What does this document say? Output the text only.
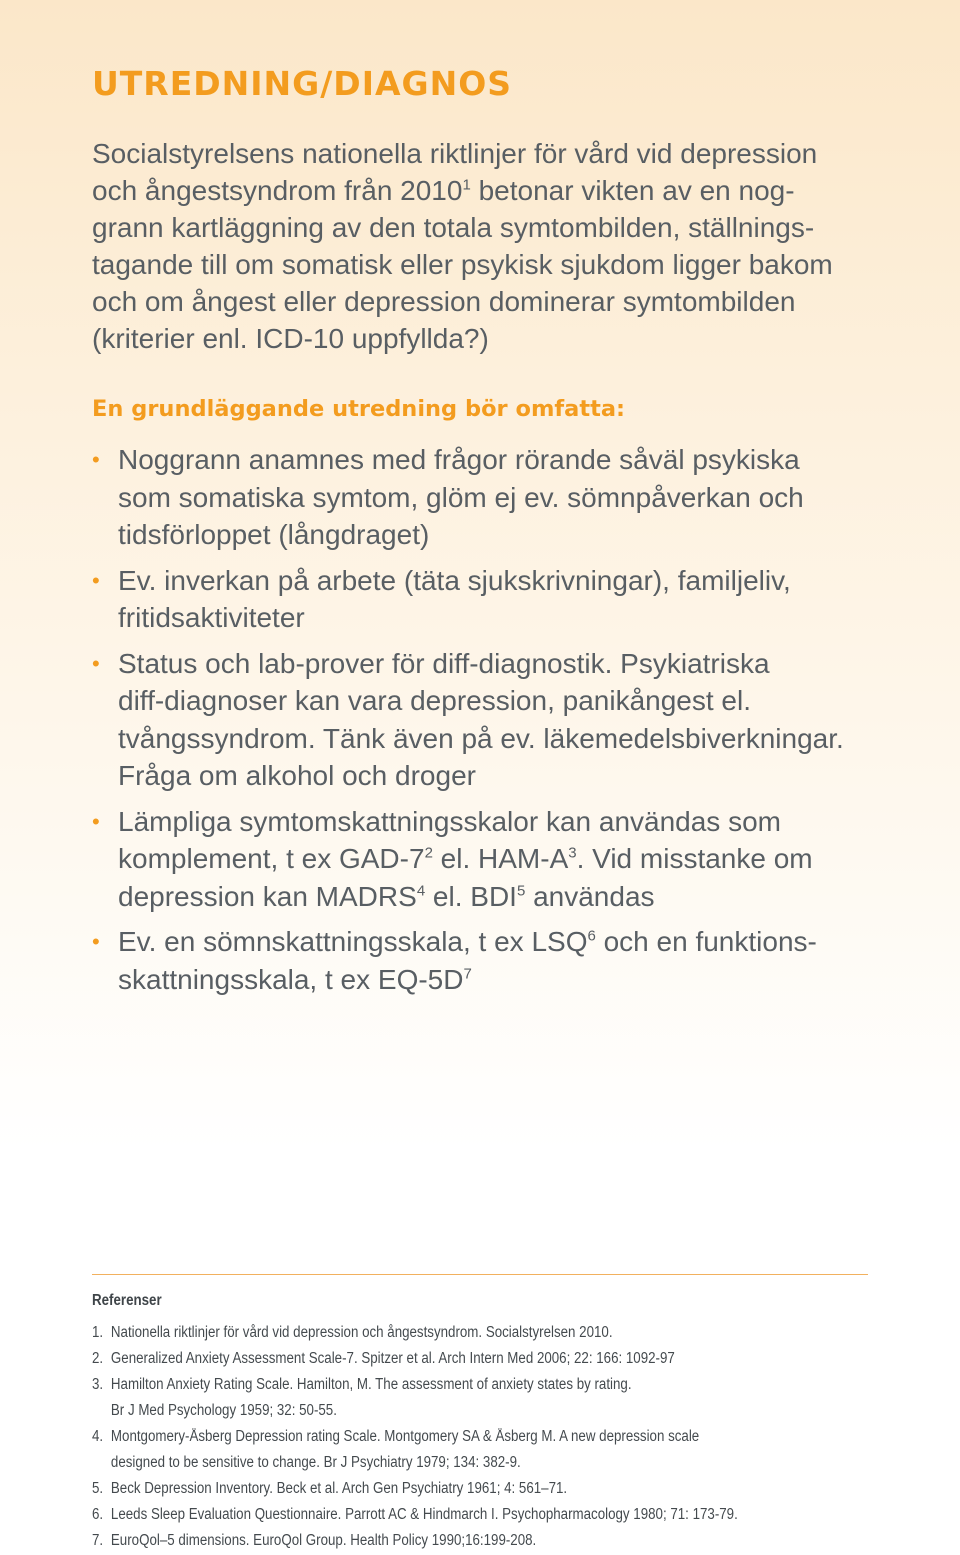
UTREDNING/DIAGNOS
Socialstyrelsens nationella riktlinjer för vård vid depression
och ångestsyndrom från 2010$^1$ betonar vikten av en nog-
grann kartläggning av den totala symtombilden, ställnings-
tagande till om somatisk eller psykisk sjukdom ligger bakom
och om ångest eller depression dominerar symtombilden
(kriterier enl. ICD-10 uppfyllda?)
En grundläggande utredning bör omfatta:
• Noggrann anamnes med frågor rörande såväl psykiska
som somatiska symtom, glöm ej ev. sömnpåverkan och
tidsförloppet (långdraget)
• Ev. inverkan på arbete (täta sjukskrivningar), familjeliv,
fritidsaktiviteter
• Status och lab-prover för diff-diagnostik. Psykiatriska
diff-diagnoser kan vara depression, panikångest el.
tvångssyndrom. Tänk även på ev. läkemedelsbiverkningar.
Fråga om alkohol och droger
• Lämpliga symtomskattningsskalor kan användas som
komplement, t ex GAD-$7^2$ el. HAM-$A^3$. Vid misstanke om
depression kan MADRS$^4$ el. BDI$^5$ användas
• Ev. en sömnskattningsskala, t ex LSQ$^6$ och en funktions-
skattningsskala, t ex $EQ-5D^7$
Referenser
1. Nationella riktlinjer för vård vid depression och ångestsyndrom. Socialstyrelsen 2010.
2. Generalized Anxiety Assessment Scale-7. Spitzer et al. Arch Intern Med 2006; 22: 166: 1092-97
3. Hamilton Anxiety Rating Scale. Hamilton, M. The assessment of anxiety states by rating.
Br J Med Psychology 1959; 32: 50-55.
4. Montgomery-Åsberg Depression rating Scale. Montgomery SA & Åsberg M. A new depression scale
designed to be sensitive to change. Br J Psychiatry 1979; 134: 382-9.
5. Beck Depression Inventory. Beck et al. Arch Gen Psychiatry 1961; 4: 561–71.
6. Leeds Sleep Evaluation Questionnaire. Parrott AC & Hindmarch I. Psychopharmacology 1980; 71: 173-79.
7. EuroQol–5 dimensions. EuroQol Group. Health Policy 1990;16:199-208.
